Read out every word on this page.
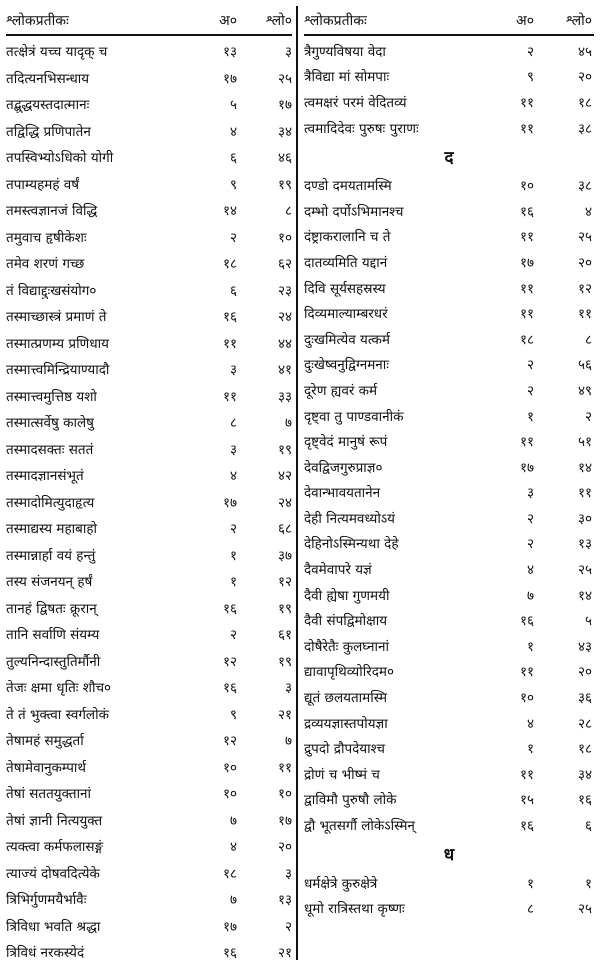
श्लोकप्रतीकः	अ०	श्लो०
तत्क्षेत्रं यच्च यादृक् च	१३	३
तदित्यनभिसन्धाय	१७	२५
तद्बुद्धयस्तदात्मानः	५	१७
तद्विद्धि प्रणिपातेन	४	३४
तपस्विभ्योऽधिको योगी	६	४६
तपाम्यहमहं वर्षं	९	१९
तमस्त्वज्ञानजं विद्धि	१४	८
तमुवाच हृषीकेशः	२	१०
तमेव शरणं गच्छ	१८	६२
तं विद्याद्दुःखसंयोग०	६	२३
तस्माच्छास्त्रं प्रमाणं ते	१६	२४
तस्मात्प्रणम्य प्रणिधाय	११	४४
तस्मात्त्वमिन्द्रियाण्यादौ	३	४१
तस्मात्त्वमुत्तिष्ठ यशो	११	३३
तस्मात्सर्वेषु कालेषु	८	७
तस्मादसक्तः सततं	३	१९
तस्मादज्ञानसंभूतं	४	४२
तस्मादोमित्युदाहृत्य	१७	२४
तस्माद्यस्य महाबाहो	२	६८
तस्मान्नार्हा वयं हन्तुं	१	३७
तस्य संजनयन् हर्षं	१	१२
तानहं द्विषतः क्रूरान्	१६	१९
तानि सर्वाणि संयम्य	२	६१
तुल्यनिन्दास्तुतिर्मौनी	१२	१९
तेजः क्षमा धृतिः शौच०	१६	३
ते तं भुक्त्वा स्वर्गलोकं	९	२१
तेषामहं समुद्धर्ता	१२	७
तेषामेवानुकम्पार्थ	१०	११
तेषां सततयुक्तानां	१०	१०
तेषां ज्ञानी नित्ययुक्त	७	१७
त्यक्त्वा कर्मफलासङ्गं	४	२०
त्याज्यं दोषवदित्येके	१८	३
त्रिभिर्गुणमयैर्भावैः	७	१३
त्रिविधा भवति श्रद्धा	१७	२
त्रिविधं नरकस्येदं	१६	२१
श्लोकप्रतीकः	अ०	श्लो०
त्रैगुण्यविषया वेदा	२	४५
त्रैविद्या मां सोमपाः	९	२०
त्वमक्षरं परमं वेदितव्यं	११	१८
त्वमादिदेवः पुरुषः पुराणः	११	३८
द
दण्डो दमयतामस्मि	१०	३८
दम्भो दर्पोऽभिमानश्च	१६	४
दंष्ट्राकरालानि च ते	११	२५
दातव्यमिति यद्दानं	१७	२०
दिवि सूर्यसहस्रस्य	११	१२
दिव्यमाल्याम्बरधरं	११	११
दुःखमित्येव यत्कर्म	१८	८
दुःखेष्वनुद्विग्नमनाः	२	५६
दूरेण ह्यवरं कर्म	२	४९
दृष्ट्वा तु पाण्डवानीकं	१	२
दृष्ट्वेदं मानुषं रूपं	११	५१
देवद्विजगुरुप्राज्ञ०	१७	१४
देवान्भावयतानेन	३	११
देही नित्यमवध्योऽयं	२	३०
देहिनोऽस्मिन्यथा देहे	२	१३
दैवमेवापरे यज्ञं	४	२५
दैवी ह्येषा गुणमयी	७	१४
दैवी संपद्विमोक्षाय	१६	५
दोषैरेतैः कुलघ्नानां	१	४३
द्यावापृथिव्योरिदम०	११	२०
द्यूतं छलयतामस्मि	१०	३६
द्रव्ययज्ञास्तपोयज्ञा	४	२८
द्रुपदो द्रौपदेयाश्च	१	१८
द्रोणं च भीष्मं च	११	३४
द्वाविमौ पुरुषौ लोके	१५	१६
द्वौ भूतसर्गौ लोकेऽस्मिन्	१६	६
ध
धर्मक्षेत्रे कुरुक्षेत्रे	१	१
धूमो रात्रिस्तथा कृष्णः	८	२५
